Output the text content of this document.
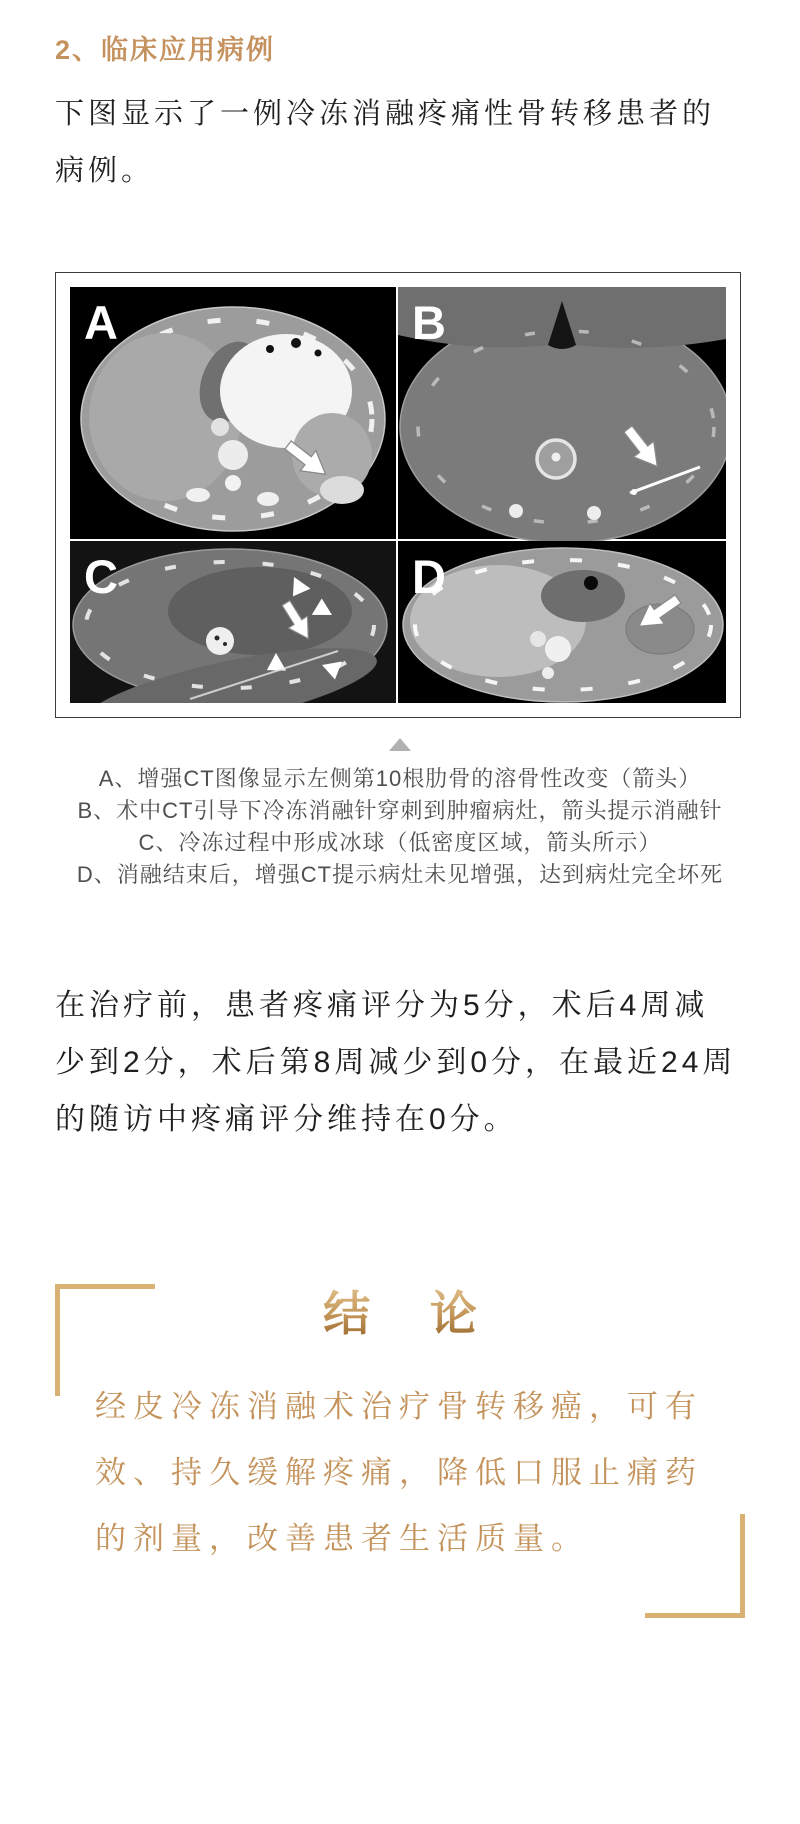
2、临床应用病例
下图显示了一例冷冻消融疼痛性骨转移患者的
病例。
A	B
C	D
A、增强CT图像显示左侧第10根肋骨的溶骨性改变（箭头）
B、术中CT引导下冷冻消融针穿刺到肿瘤病灶，箭头提示消融针
C、冷冻过程中形成冰球（低密度区域，箭头所示）
D、消融结束后，增强CT提示病灶未见增强，达到病灶完全坏死
在治疗前，患者疼痛评分为5分，术后4周减
少到2分，术后第8周减少到0分，在最近24周
的随访中疼痛评分维持在0分。
结 论
经皮冷冻消融术治疗骨转移癌，可有
效、持久缓解疼痛，降低口服止痛药
的剂量，改善患者生活质量。
